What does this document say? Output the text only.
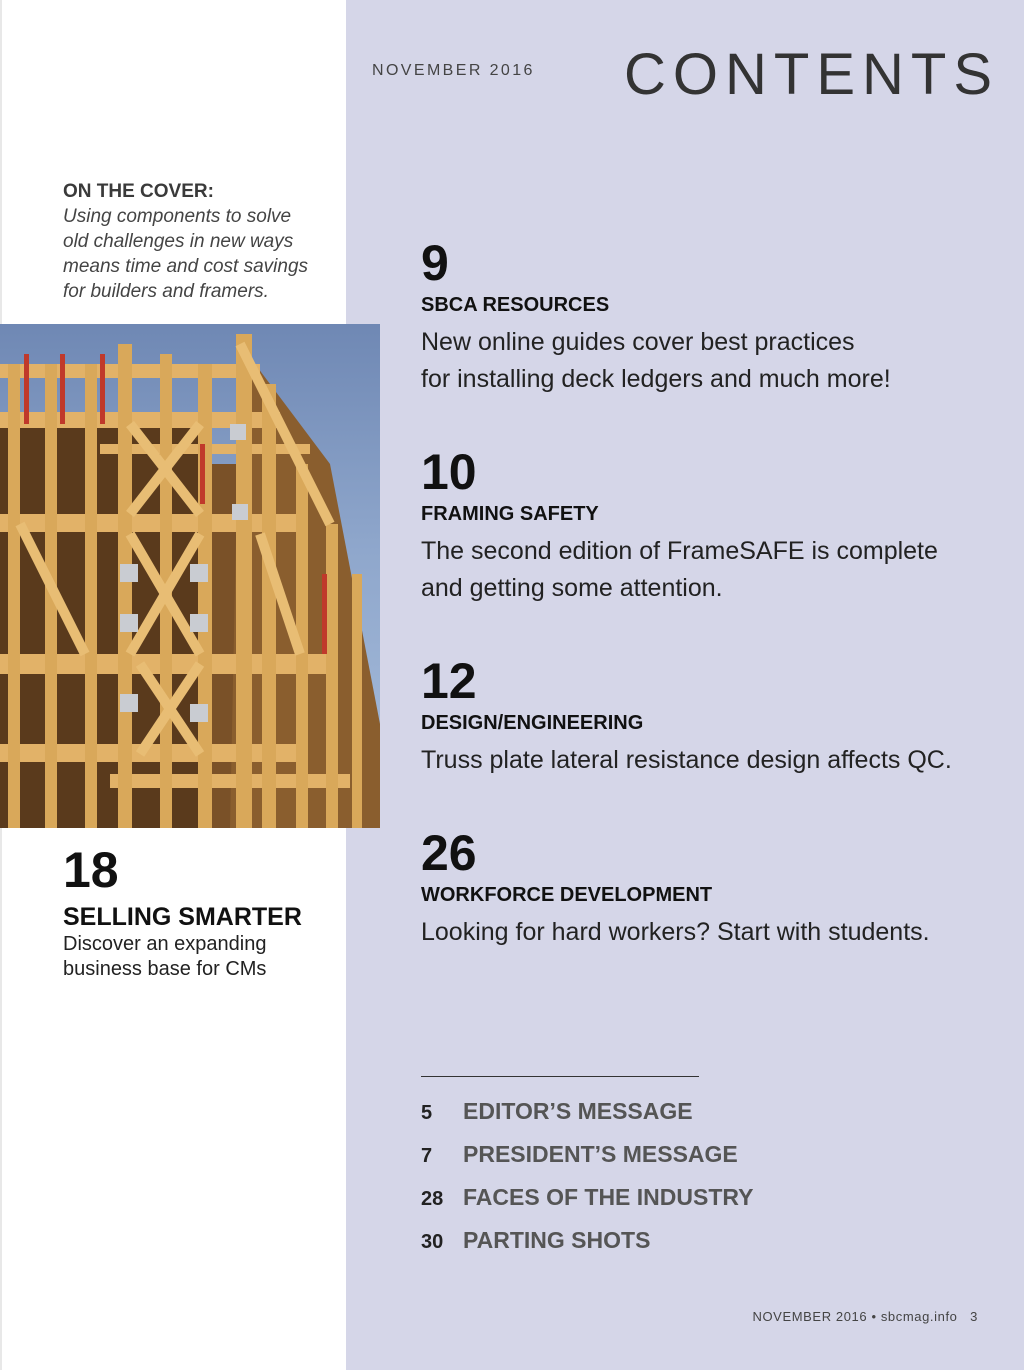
NOVEMBER 2016 CONTENTS
ON THE COVER:
Using components to solve
old challenges in new ways
means time and cost savings
for builders and framers.
18
SELLING SMARTER
Discover an expanding
business base for CMs
9
SBCA RESOURCES
New online guides cover best practices
for installing deck ledgers and much more!
10
FRAMING SAFETY
The second edition of FrameSAFE is complete
and getting some attention.
12
DESIGN/ENGINEERING
Truss plate lateral resistance design affects QC.
26
WORKFORCE DEVELOPMENT
Looking for hard workers? Start with students.
5	EDITOR’S MESSAGE
7	PRESIDENT’S MESSAGE
28 FACES OF THE INDUSTRY
30 PARTING SHOTS
NOVEMBER 2016 • sbcmag.info 3
